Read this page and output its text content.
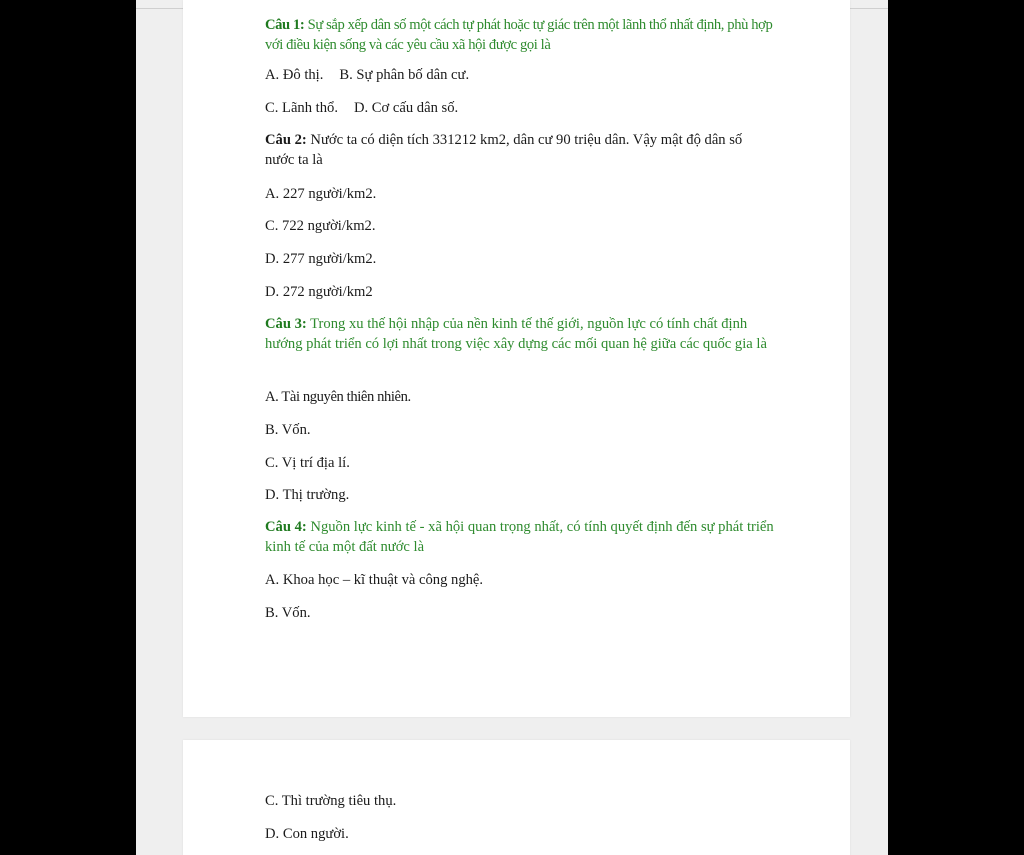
Câu 1: Sự sắp xếp dân số một cách tự phát hoặc tự giác trên một lãnh thổ nhất định, phù hợp với điều kiện sống và các yêu cầu xã hội được gọi là
A. Đô thị. B. Sự phân bố dân cư.
C. Lãnh thổ. D. Cơ cấu dân số.
Câu 2: Nước ta có diện tích 331212 km2, dân cư 90 triệu dân. Vậy mật độ dân số nước ta là
A. 227 người/km2.
C. 722 người/km2.
D. 277 người/km2.
D. 272 người/km2
Câu 3: Trong xu thế hội nhập của nền kinh tế thế giới, nguồn lực có tính chất định hướng phát triển có lợi nhất trong việc xây dựng các mối quan hệ giữa các quốc gia là
A. Tài nguyên thiên nhiên.
B. Vốn.
C. Vị trí địa lí.
D. Thị trường.
Câu 4: Nguồn lực kinh tế - xã hội quan trọng nhất, có tính quyết định đến sự phát triển kinh tế của một đất nước là
A. Khoa học – kĩ thuật và công nghệ.
B. Vốn.
C. Thì trường tiêu thụ.
D. Con người.
